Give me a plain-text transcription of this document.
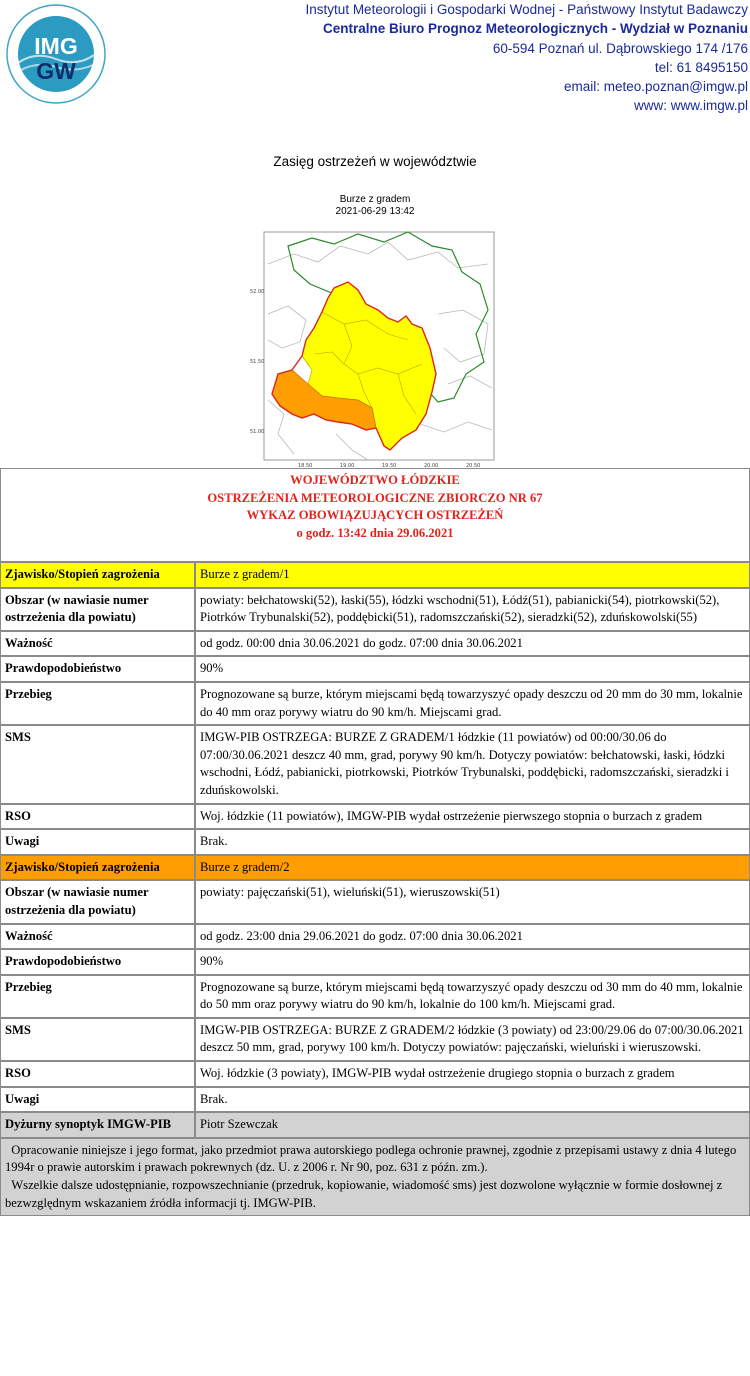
IMG
GW
Instytut Meteorologii i Gospodarki Wodnej - Państwowy Instytut Badawczy
Centralne Biuro Prognoz Meteorologicznych - Wydział w Poznaniu
60-594 Poznań ul. Dąbrowskiego 174 /176
tel: 61 8495150
email: meteo.poznan@imgw.pl
www: www.imgw.pl
Zasięg ostrzeżeń w województwie
Burze z gradem
2021-06-29 13:42
52.00
51.50
51.00
18.50	19.00	19.50	20.00	20.50
WOJEWÓDZTWO ŁÓDZKIE
OSTRZEŻENIA METEOROLOGICZNE ZBIORCZO NR 67
WYKAZ OBOWIĄZUJĄCYCH OSTRZEŻEŃ
o godz. 13:42 dnia 29.06.2021	

Zjawisko/Stopień zagrożenia	Burze z gradem/1
Obszar (w nawiasie numer ostrzeżenia dla powiatu)	powiaty: bełchatowski(52), łaski(55), łódzki wschodni(51), Łódź(51), pabianicki(54), piotrkowski(52), Piotrków Trybunalski(52), poddębicki(51), radomszczański(52), sieradzki(52), zduńskowolski(55)
Ważność	od godz. 00:00 dnia 30.06.2021 do godz. 07:00 dnia 30.06.2021
Prawdopodobieństwo	90%
Przebieg	Prognozowane są burze, którym miejscami będą towarzyszyć opady deszczu od 20 mm do 30 mm, lokalnie do 40 mm oraz porywy wiatru do 90 km/h. Miejscami grad.
SMS	IMGW-PIB OSTRZEGA: BURZE Z GRADEM/1 łódzkie (11 powiatów) od 00:00/30.06 do 07:00/30.06.2021 deszcz 40 mm, grad, porywy 90 km/h. Dotyczy powiatów: bełchatowski, łaski, łódzki wschodni, Łódź, pabianicki, piotrkowski, Piotrków Trybunalski, poddębicki, radomszczański, sieradzki i zduńskowolski.
RSO	Woj. łódzkie (11 powiatów), IMGW-PIB wydał ostrzeżenie pierwszego stopnia o burzach z gradem
Uwagi	Brak.
Zjawisko/Stopień zagrożenia	Burze z gradem/2
Obszar (w nawiasie numer ostrzeżenia dla powiatu)	powiaty: pajęczański(51), wieluński(51), wieruszowski(51)
Ważność	od godz. 23:00 dnia 29.06.2021 do godz. 07:00 dnia 30.06.2021
Prawdopodobieństwo	90%
Przebieg	Prognozowane są burze, którym miejscami będą towarzyszyć opady deszczu od 30 mm do 40 mm, lokalnie do 50 mm oraz porywy wiatru do 90 km/h, lokalnie do 100 km/h. Miejscami grad.
SMS	IMGW-PIB OSTRZEGA: BURZE Z GRADEM/2 łódzkie (3 powiaty) od 23:00/29.06 do 07:00/30.06.2021 deszcz 50 mm, grad, porywy 100 km/h. Dotyczy powiatów: pajęczański, wieluński i wieruszowski.
RSO	Woj. łódzkie (3 powiaty), IMGW-PIB wydał ostrzeżenie drugiego stopnia o burzach z gradem
Uwagi	Brak.
Dyżurny synoptyk IMGW-PIB	Piotr Szewczak

Opracowanie niniejsze i jego format, jako przedmiot prawa autorskiego podlega ochronie prawnej, zgodnie z przepisami ustawy z dnia 4 lutego 1994r o prawie autorskim i prawach pokrewnych (dz. U. z 2006 r. Nr 90, poz. 631 z późn. zm.).
Wszelkie dalsze udostępnianie, rozpowszechnianie (przedruk, kopiowanie, wiadomość sms) jest dozwolone wyłącznie w formie dosłownej z bezwzględnym wskazaniem źródła informacji tj. IMGW-PIB.	
